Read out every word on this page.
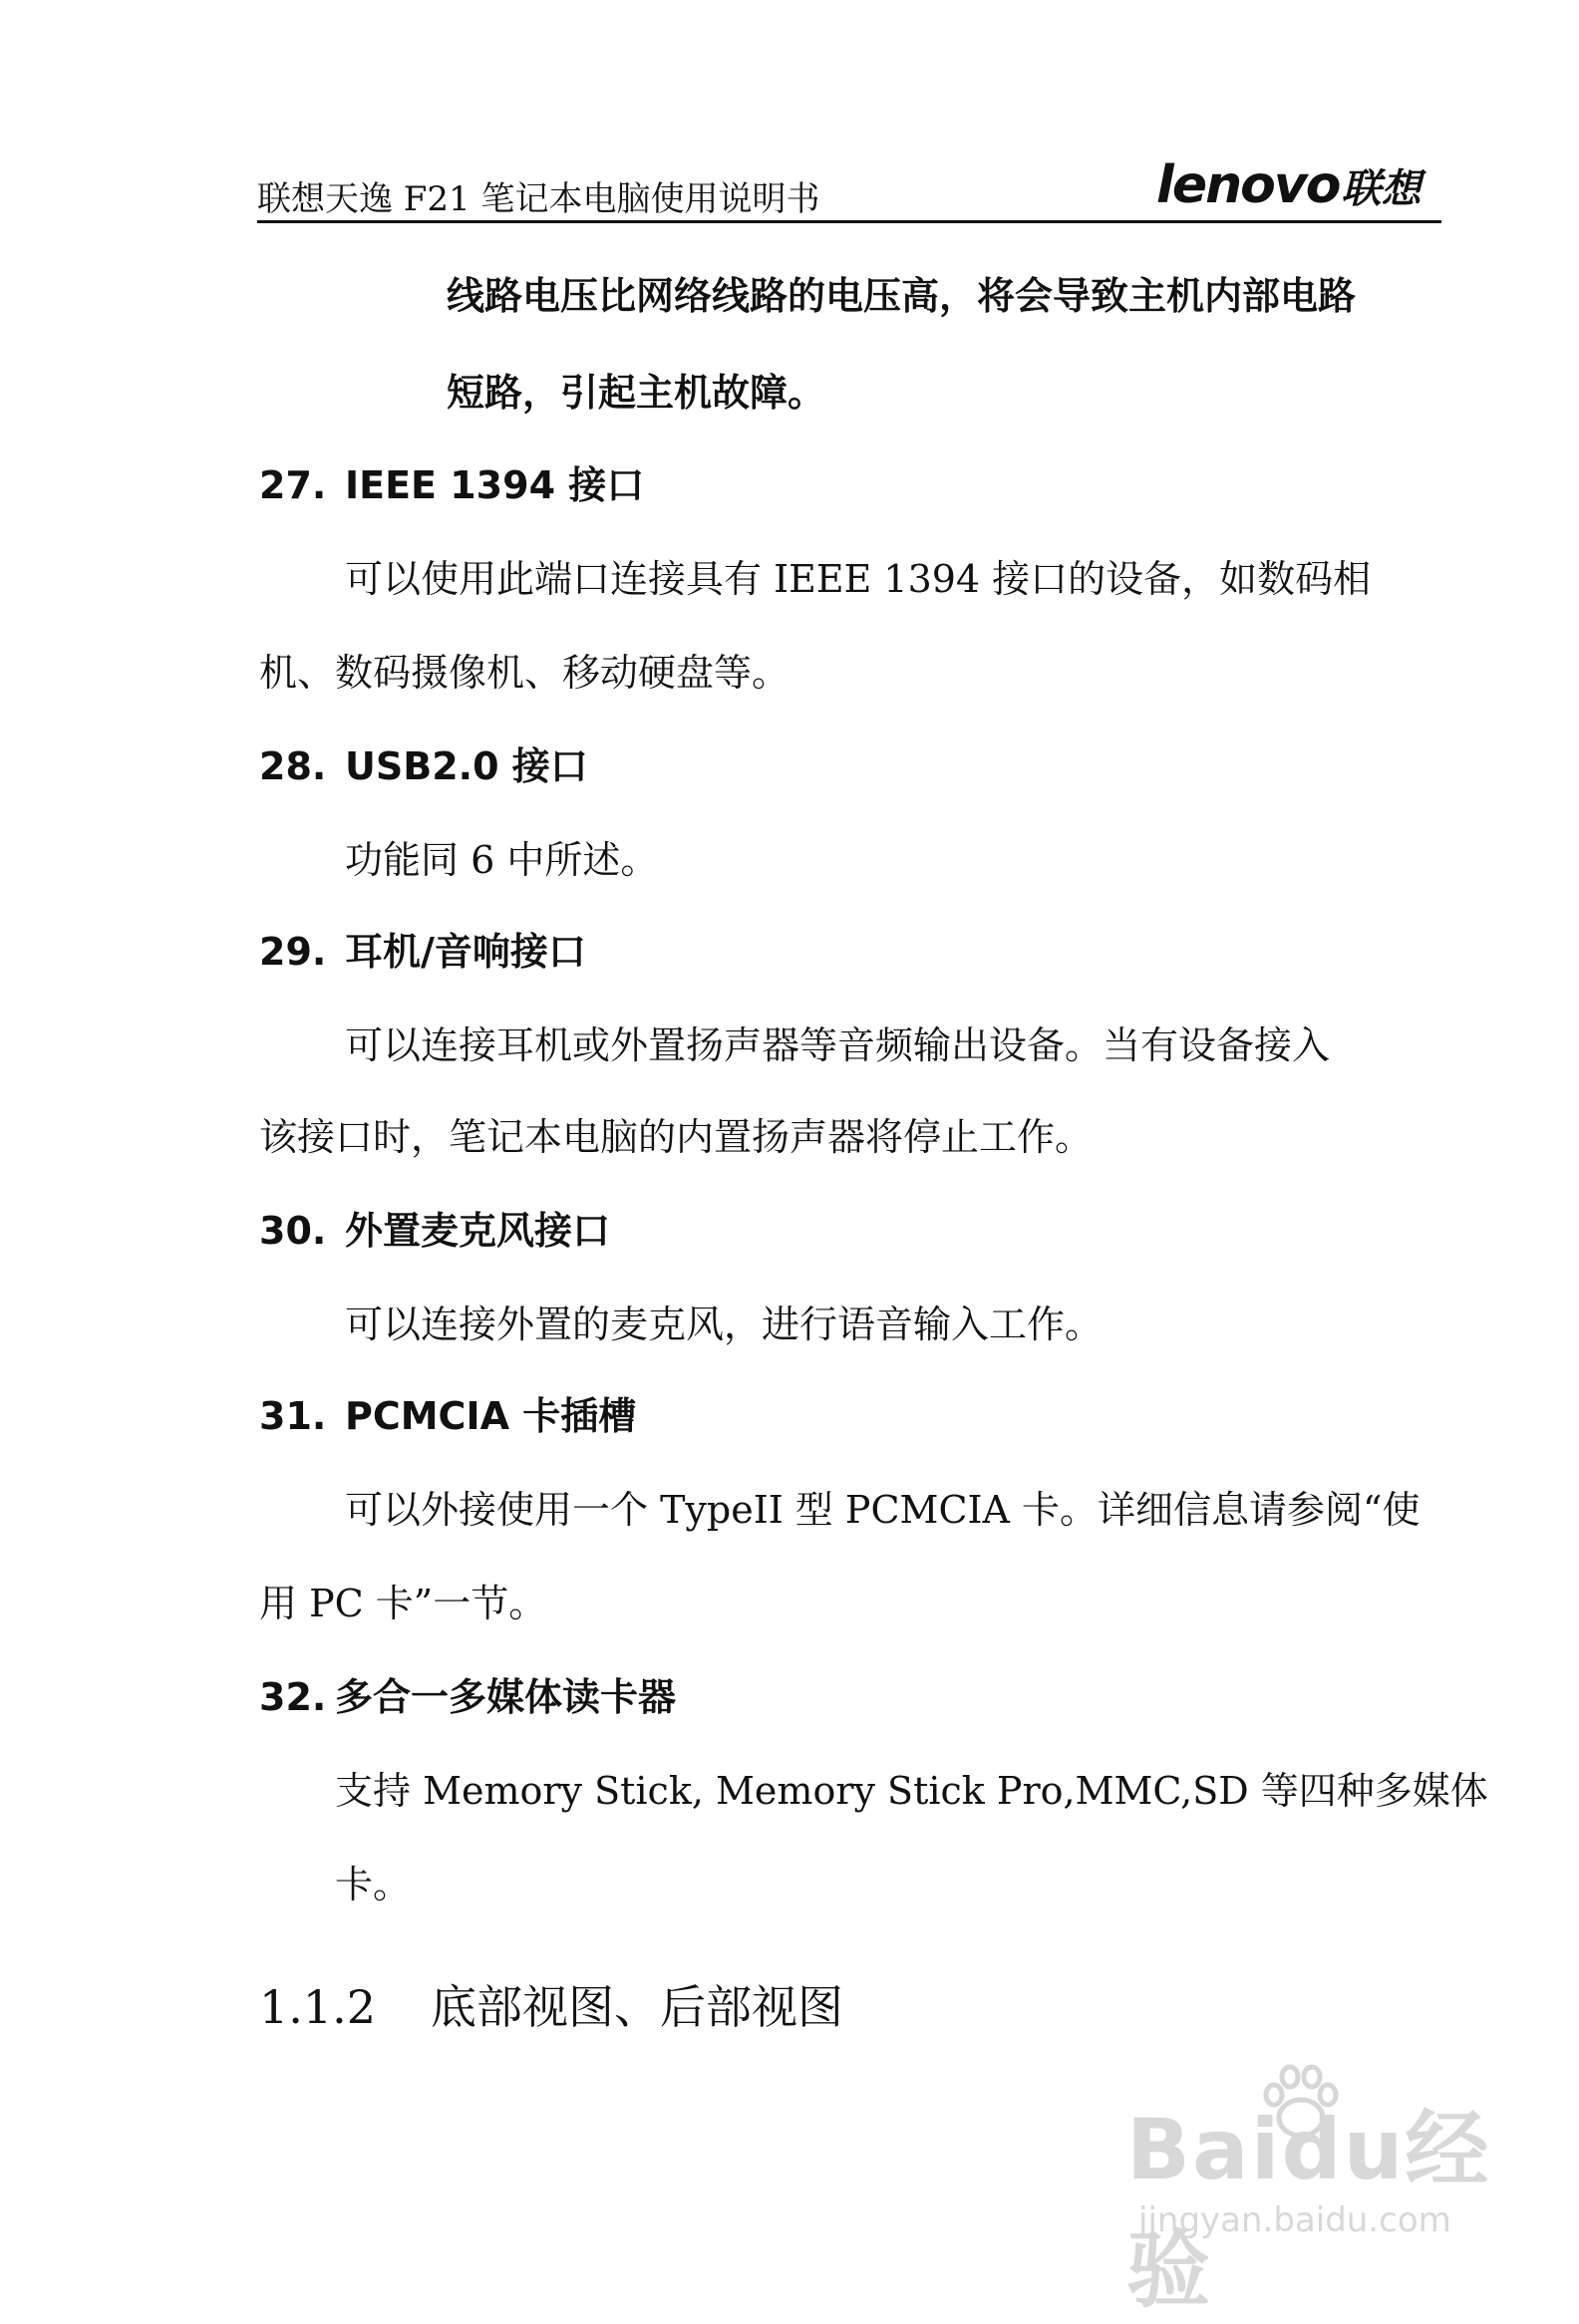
联想天逸 F21 笔记本电脑使用说明书	lenovo联想
线路电压比网络线路的电压高，将会导致主机内部电路
短路，引起主机故障。
27. IEEE 1394 接口
可以使用此端口连接具有 IEEE 1394 接口的设备，如数码相
机、数码摄像机、移动硬盘等。
28. USB2.0 接口
功能同 6 中所述。
29. 耳机/音响接口
可以连接耳机或外置扬声器等音频输出设备。当有设备接入
该接口时，笔记本电脑的内置扬声器将停止工作。
30. 外置麦克风接口
可以连接外置的麦克风，进行语音输入工作。
31. PCMCIA 卡插槽
可以外接使用一个 TypeII 型 PCMCIA 卡。详细信息请参阅“使
用 PC 卡”一节。
32. 多合一多媒体读卡器
支持 Memory Stick, Memory Stick Pro,MMC,SD 等四种多媒体
卡。
1.1.2 底部视图、后部视图
Baidu经验
jingyan.baidu.com
